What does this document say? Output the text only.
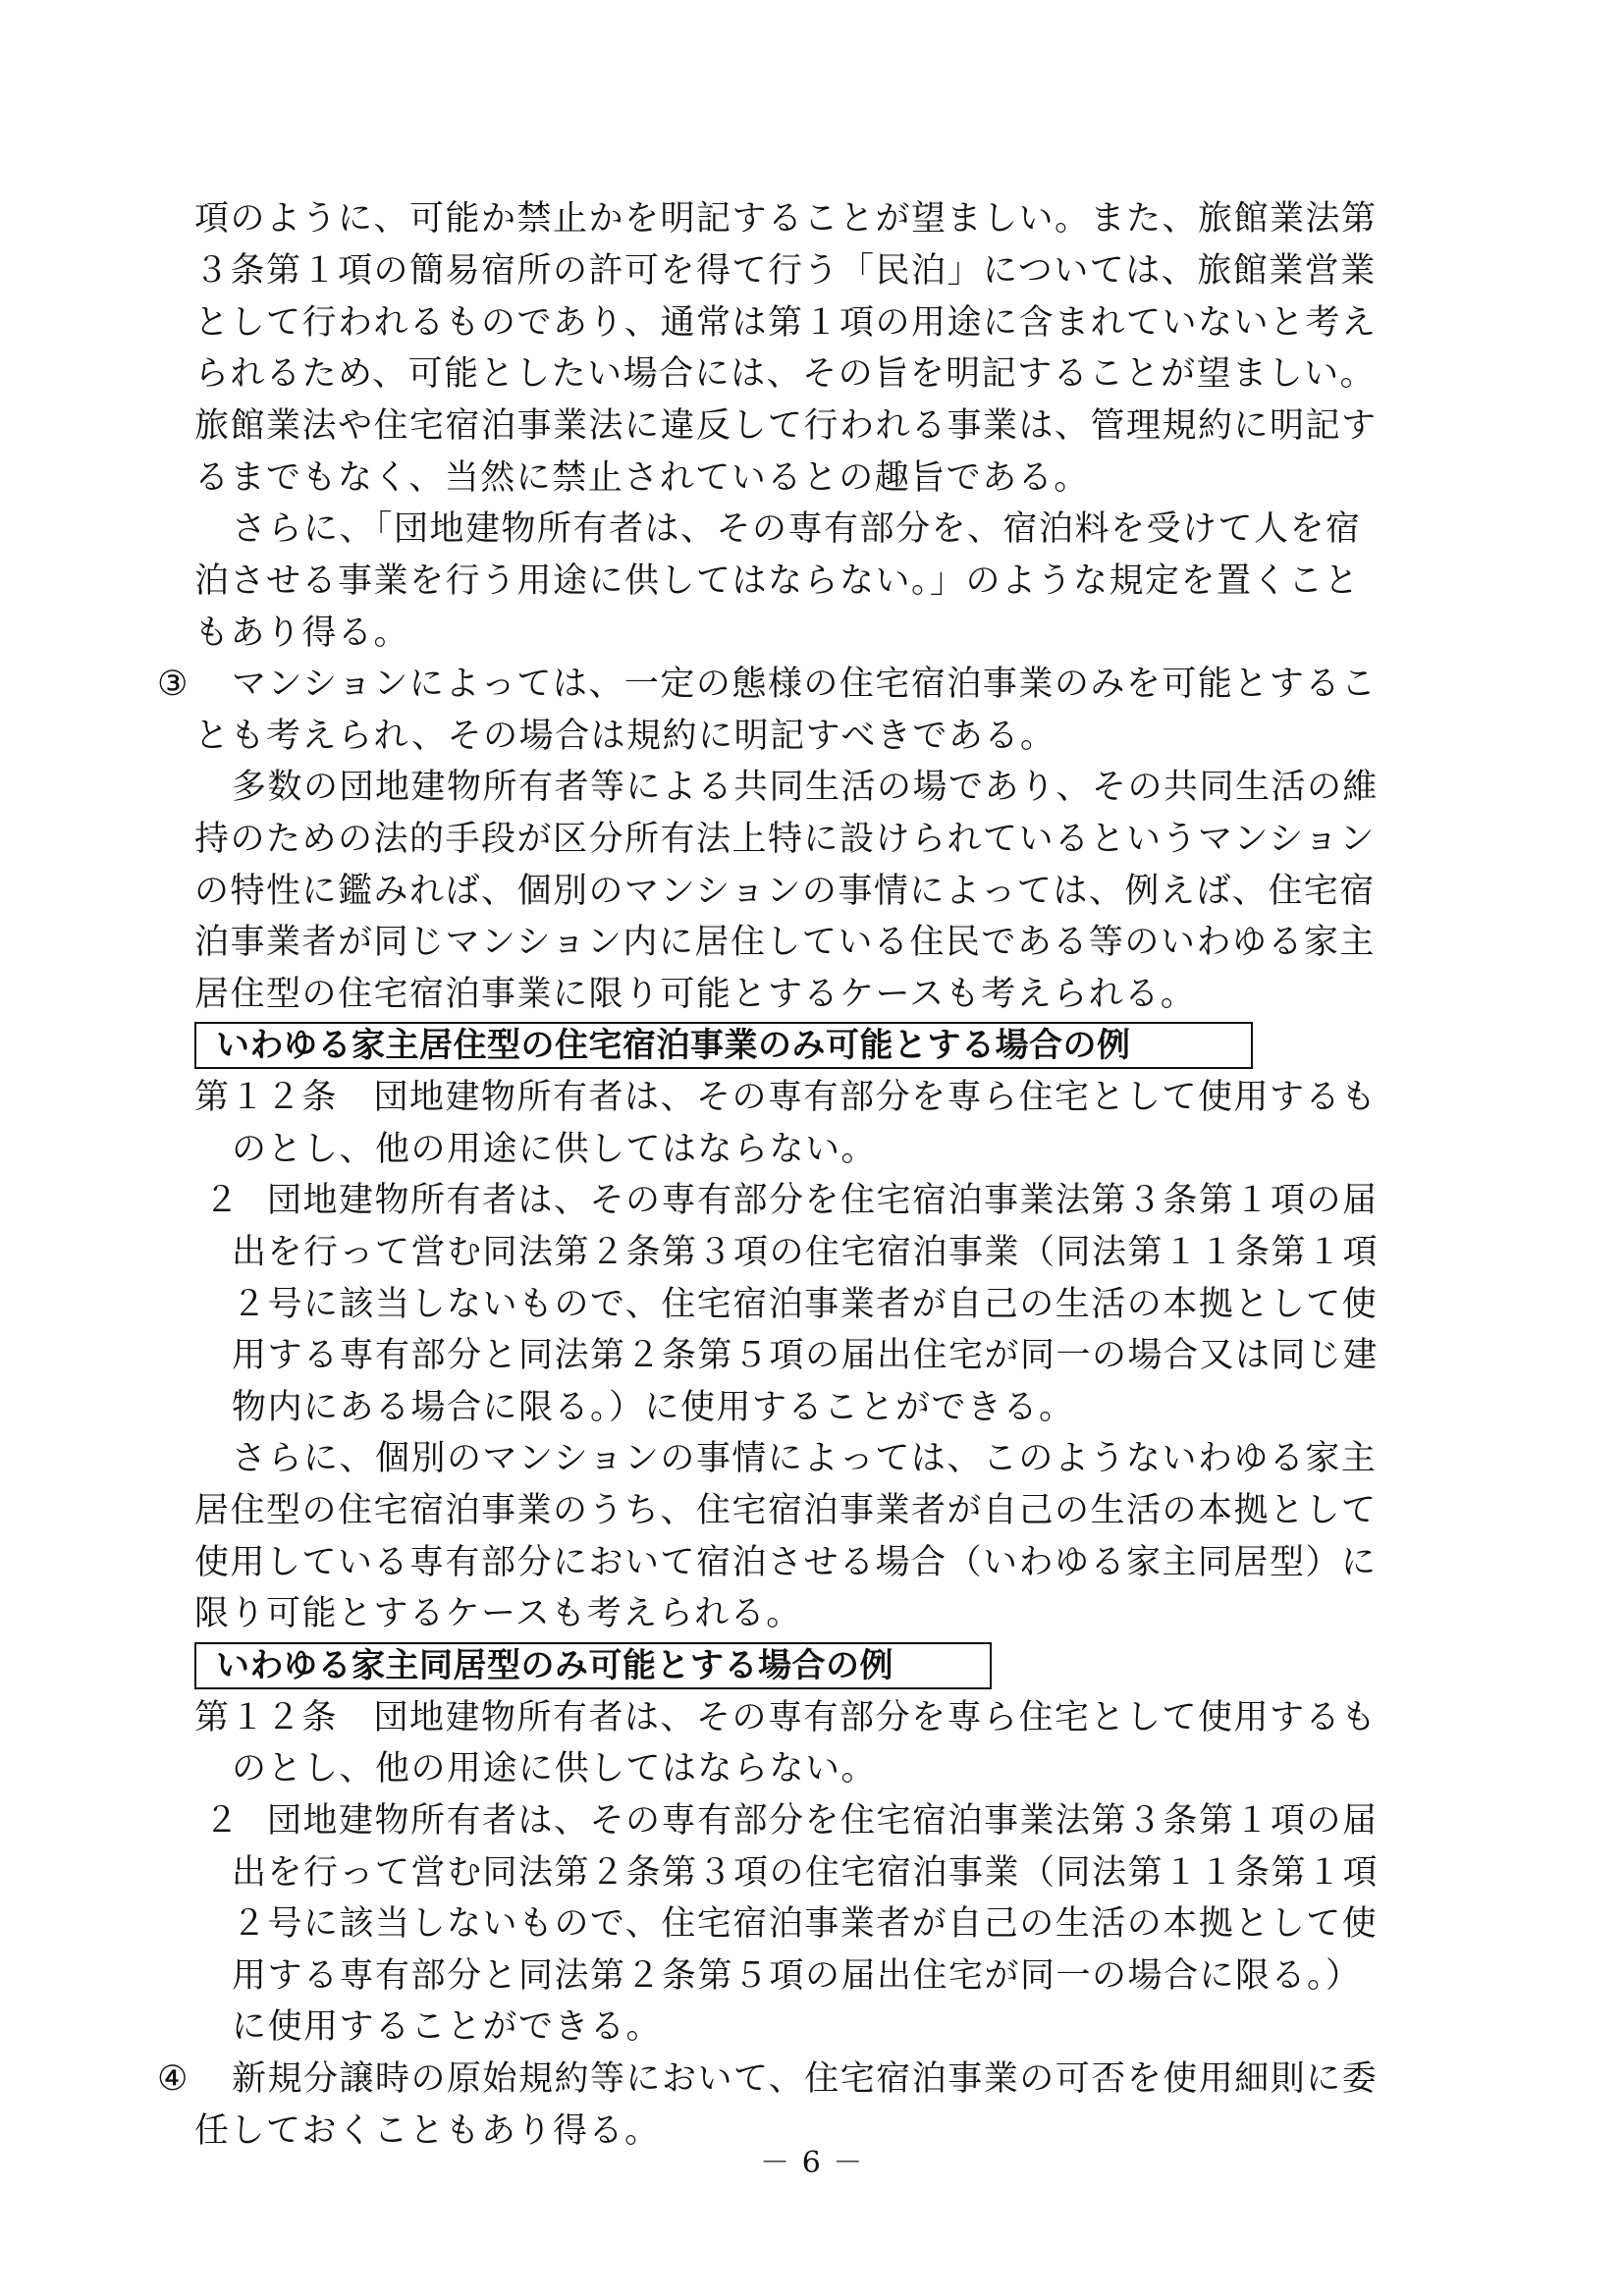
項のように、可能か禁止かを明記することが望ましい。また、旅館業法第
３条第１項の簡易宿所の許可を得て行う「民泊」については、旅館業営業
として行われるものであり、通常は第１項の用途に含まれていないと考え
られるため、可能としたい場合には、その旨を明記することが望ましい。
旅館業法や住宅宿泊事業法に違反して行われる事業は、管理規約に明記す
るまでもなく、当然に禁止されているとの趣旨である。
さらに、「団地建物所有者は、その専有部分を、宿泊料を受けて人を宿
泊させる事業を行う用途に供してはならない。」のような規定を置くこと
もあり得る。
③ マンションによっては、一定の態様の住宅宿泊事業のみを可能とするこ
とも考えられ、その場合は規約に明記すべきである。
多数の団地建物所有者等による共同生活の場であり、その共同生活の維
持のための法的手段が区分所有法上特に設けられているというマンション
の特性に鑑みれば、個別のマンションの事情によっては、例えば、住宅宿
泊事業者が同じマンション内に居住している住民である等のいわゆる家主
居住型の住宅宿泊事業に限り可能とするケースも考えられる。
いわゆる家主居住型の住宅宿泊事業のみ可能とする場合の例
第１２条　団地建物所有者は、その専有部分を専ら住宅として使用するも
のとし、他の用途に供してはならない。
２ 団地建物所有者は、その専有部分を住宅宿泊事業法第３条第１項の届
出を行って営む同法第２条第３項の住宅宿泊事業（同法第１１条第１項
２号に該当しないもので、住宅宿泊事業者が自己の生活の本拠として使
用する専有部分と同法第２条第５項の届出住宅が同一の場合又は同じ建
物内にある場合に限る。）に使用することができる。
さらに、個別のマンションの事情によっては、このようないわゆる家主
居住型の住宅宿泊事業のうち、住宅宿泊事業者が自己の生活の本拠として
使用している専有部分において宿泊させる場合（いわゆる家主同居型）に
限り可能とするケースも考えられる。
いわゆる家主同居型のみ可能とする場合の例
第１２条　団地建物所有者は、その専有部分を専ら住宅として使用するも
のとし、他の用途に供してはならない。
２ 団地建物所有者は、その専有部分を住宅宿泊事業法第３条第１項の届
出を行って営む同法第２条第３項の住宅宿泊事業（同法第１１条第１項
２号に該当しないもので、住宅宿泊事業者が自己の生活の本拠として使
用する専有部分と同法第２条第５項の届出住宅が同一の場合に限る。）
に使用することができる。
④ 新規分譲時の原始規約等において、住宅宿泊事業の可否を使用細則に委
任しておくこともあり得る。
－ 6 －
